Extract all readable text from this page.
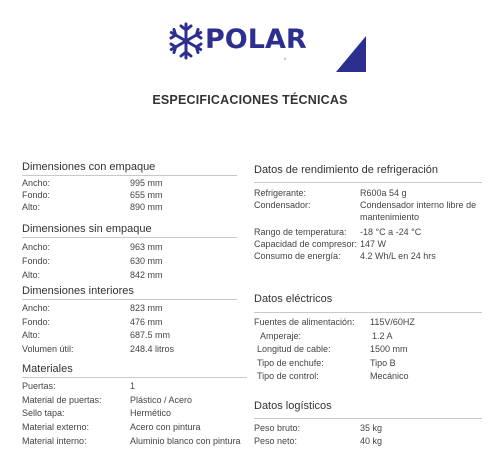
POLAR
®
ESPECIFICACIONES TÉCNICAS
Dimensiones con empaque
Ancho:	995 mm
Fondo:	655 mm
Alto:	890 mm
Dimensiones sin empaque
Ancho:	963 mm
Fondo:	630 mm
Alto:	842 mm
Dimensiones interiores
Ancho:	823 mm
Fondo:	476 mm
Alto:	687.5 mm
Volumen útil:	248.4 litros
Materiales
Puertas:	1
Material de puertas:	Plástico / Acero
Sello tapa:	Hermético
Material externo:	Acero con pintura
Material interno:	Aluminio blanco con pintura
Datos de rendimiento de refrigeración
Refrigerante:	R600a 54 g
Condensador:	Condensador interno libre de mantenimiento
Rango de temperatura:	-18 °C a -24 °C
Capacidad de compresor: 147 W
Consumo de energía:	4.2 Wh/L en 24 hrs
Datos eléctricos
Fuentes de alimentación:	115V/60HZ
Amperaje:	1.2 A
Longitud de cable:	1500 mm
Tipo de enchufe:	Tipo B
Tipo de control:	Mecánico
Datos logísticos
Peso bruto:	35 kg
Peso neto:	40 kg
